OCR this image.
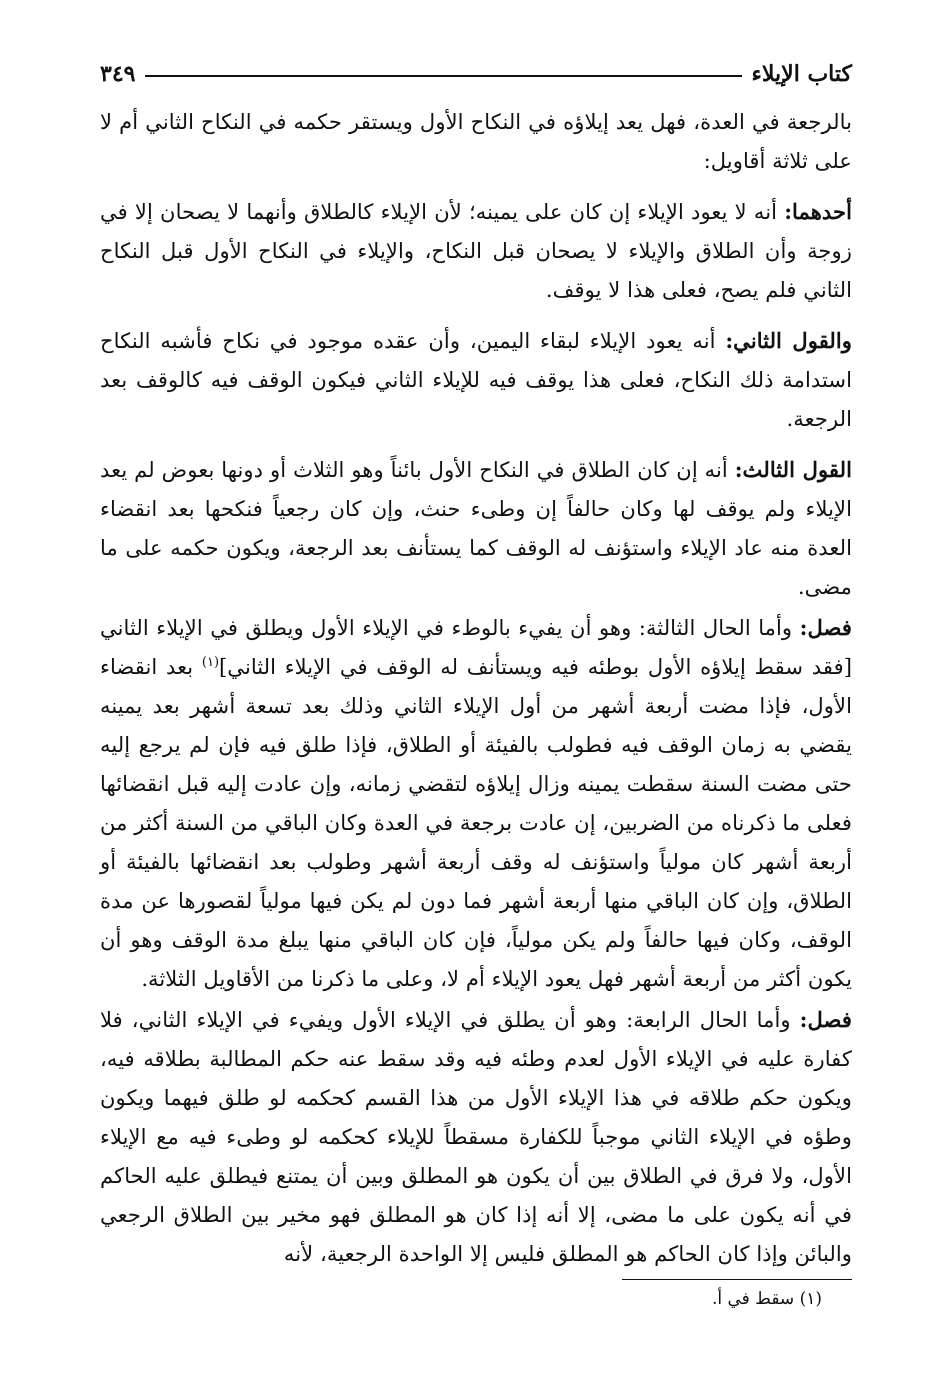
كتاب الإيلاء
٣٤٩

بالرجعة في العدة، فهل يعد إيلاؤه في النكاح الأول ويستقر حكمه في النكاح الثاني أم لا على ثلاثة أقاويل:

أحدهما: أنه لا يعود الإيلاء إن كان على يمينه؛ لأن الإيلاء كالطلاق وأنهما لا يصحان إلا في زوجة وأن الطلاق والإيلاء لا يصحان قبل النكاح، والإيلاء في النكاح الأول قبل النكاح الثاني فلم يصح، فعلى هذا لا يوقف.

والقول الثاني: أنه يعود الإيلاء لبقاء اليمين، وأن عقده موجود في نكاح فأشبه النكاح استدامة ذلك النكاح، فعلى هذا يوقف فيه للإيلاء الثاني فيكون الوقف فيه كالوقف بعد الرجعة.

القول الثالث: أنه إن كان الطلاق في النكاح الأول بائناً وهو الثلاث أو دونها بعوض لم يعد الإيلاء ولم يوقف لها وكان حالفاً إن وطىء حنث، وإن كان رجعياً فنكحها بعد انقضاء العدة منه عاد الإيلاء واستؤنف له الوقف كما يستأنف بعد الرجعة، ويكون حكمه على ما مضى.

فصل: وأما الحال الثالثة: وهو أن يفيء بالوطء في الإيلاء الأول ويطلق في الإيلاء الثاني [فقد سقط إيلاؤه الأول بوطئه فيه ويستأنف له الوقف في الإيلاء الثاني]$^{(١)}$ بعد انقضاء الأول، فإذا مضت أربعة أشهر من أول الإيلاء الثاني وذلك بعد تسعة أشهر بعد يمينه يقضي به زمان الوقف فيه فطولب بالفيئة أو الطلاق، فإذا طلق فيه فإن لم يرجع إليه حتى مضت السنة سقطت يمينه وزال إيلاؤه لتقضي زمانه، وإن عادت إليه قبل انقضائها فعلى ما ذكرناه من الضربين، إن عادت برجعة في العدة وكان الباقي من السنة أكثر من أربعة أشهر كان مولياً واستؤنف له وقف أربعة أشهر وطولب بعد انقضائها بالفيئة أو الطلاق، وإن كان الباقي منها أربعة أشهر فما دون لم يكن فيها مولياً لقصورها عن مدة الوقف، وكان فيها حالفاً ولم يكن مولياً، فإن كان الباقي منها يبلغ مدة الوقف وهو أن يكون أكثر من أربعة أشهر فهل يعود الإيلاء أم لا، وعلى ما ذكرنا من الأقاويل الثلاثة.

فصل: وأما الحال الرابعة: وهو أن يطلق في الإيلاء الأول ويفيء في الإيلاء الثاني، فلا كفارة عليه في الإيلاء الأول لعدم وطئه فيه وقد سقط عنه حكم المطالبة بطلاقه فيه، ويكون حكم طلاقه في هذا الإيلاء الأول من هذا القسم كحكمه لو طلق فيهما ويكون وطؤه في الإيلاء الثاني موجباً للكفارة مسقطاً للإيلاء كحكمه لو وطىء فيه مع الإيلاء الأول، ولا فرق في الطلاق بين أن يكون هو المطلق وبين أن يمتنع فيطلق عليه الحاكم في أنه يكون على ما مضى، إلا أنه إذا كان هو المطلق فهو مخير بين الطلاق الرجعي والبائن وإذا كان الحاكم هو المطلق فليس إلا الواحدة الرجعية، لأنه

(١) سقط في أ.
